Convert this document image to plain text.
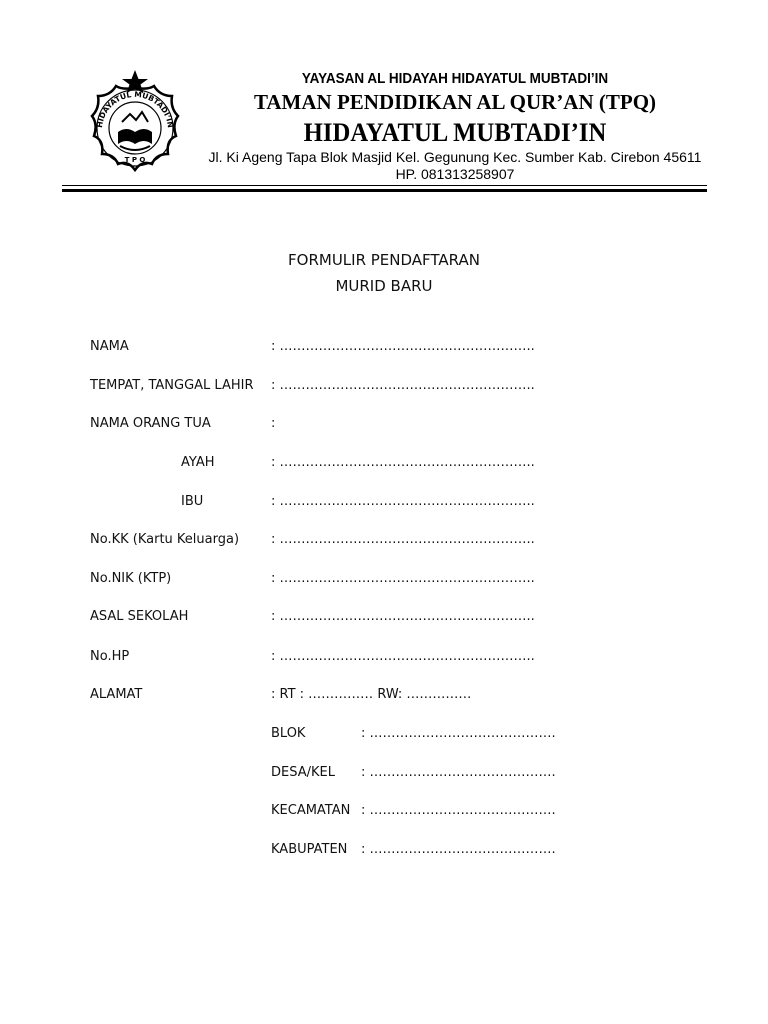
HIDAYATUL MUBTADI’IN
T P Q
YAYASAN AL HIDAYAH HIDAYATUL MUBTADI’IN
TAMAN PENDIDIKAN AL QUR’AN (TPQ)
HIDAYATUL MUBTADI’IN
Jl. Ki Ageng Tapa Blok Masjid Kel. Gegunung Kec. Sumber Kab. Cirebon 45611
HP. 081313258907
FORMULIR PENDAFTARAN
MURID BARU
NAMA	: …………………………………………………..
TEMPAT, TANGGAL LAHIR : …………………………………………………..
NAMA ORANG TUA	:
AYAH	: …………………………………………………..
IBU	: …………………………………………………..
No.KK (Kartu Keluarga) : …………………………………………………..
No.NIK (KTP)	: …………………………………………………..
ASAL SEKOLAH	: …………………………………………………..
No.HP	: …………………………………………………..
ALAMAT	: RT : …………… RW: ……………
BLOK	: …………………………………….
DESA/KEL : …………………………………….
KECAMATAN : …………………………………….
KABUPATEN : …………………………………….
